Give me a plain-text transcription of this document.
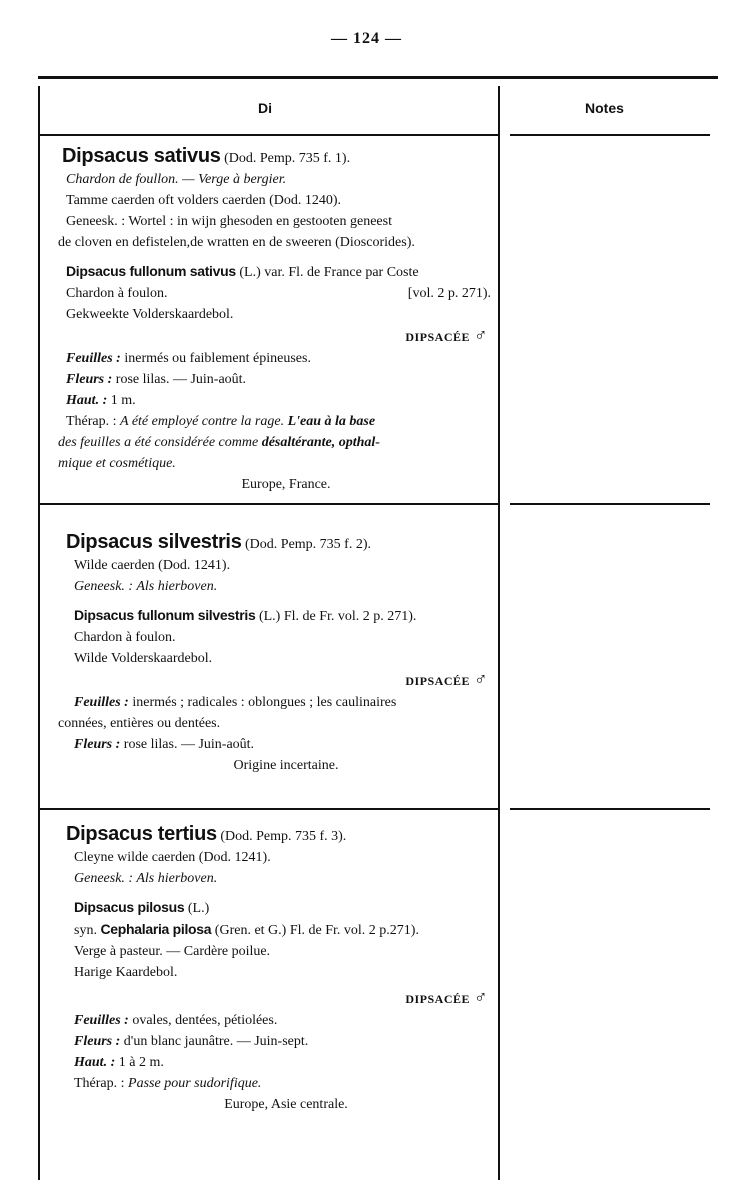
— 124 —
Di	Notes
Dipsacus sativus (Dod. Pemp. 735 f. 1).
Chardon de foullon. — Verge à bergier.
Tamme caerden oft volders caerden (Dod. 1240).
Geneesk. : Wortel : in wijn ghesoden en gestooten geneest
de cloven en defistelen,de wratten en de sweeren (Dioscorides).
Dipsacus fullonum sativus (L.) var. Fl. de France par Coste
Chardon à foulon.	[vol. 2 p. 271).
Gekweekte Volderskaardebol.
DIPSACÉE ♂
Feuilles : inermés ou faiblement épineuses.
Fleurs : rose lilas. — Juin-août.
Haut. : 1 m.
Thérap. : A été employé contre la rage. L'eau à la base
des feuilles a été considérée comme désaltérante, opthal-
mique et cosmétique.
Europe, France.
Dipsacus silvestris (Dod. Pemp. 735 f. 2).
Wilde caerden (Dod. 1241).
Geneesk. : Als hierboven.
Dipsacus fullonum silvestris (L.) Fl. de Fr. vol. 2 p. 271).
Chardon à foulon.
Wilde Volderskaardebol.
DIPSACÉE ♂
Feuilles : inermés ; radicales : oblongues ; les caulinaires
connées, entières ou dentées.
Fleurs : rose lilas. — Juin-août.
Origine incertaine.
Dipsacus tertius (Dod. Pemp. 735 f. 3).
Cleyne wilde caerden (Dod. 1241).
Geneesk. : Als hierboven.
Dipsacus pilosus (L.)
syn. Cephalaria pilosa (Gren. et G.) Fl. de Fr. vol. 2 p.271).
Verge à pasteur. — Cardère poilue.
Harige Kaardebol.
DIPSACÉE ♂
Feuilles : ovales, dentées, pétiolées.
Fleurs : d'un blanc jaunâtre. — Juin-sept.
Haut. : 1 à 2 m.
Thérap. : Passe pour sudorifique.
Europe, Asie centrale.
